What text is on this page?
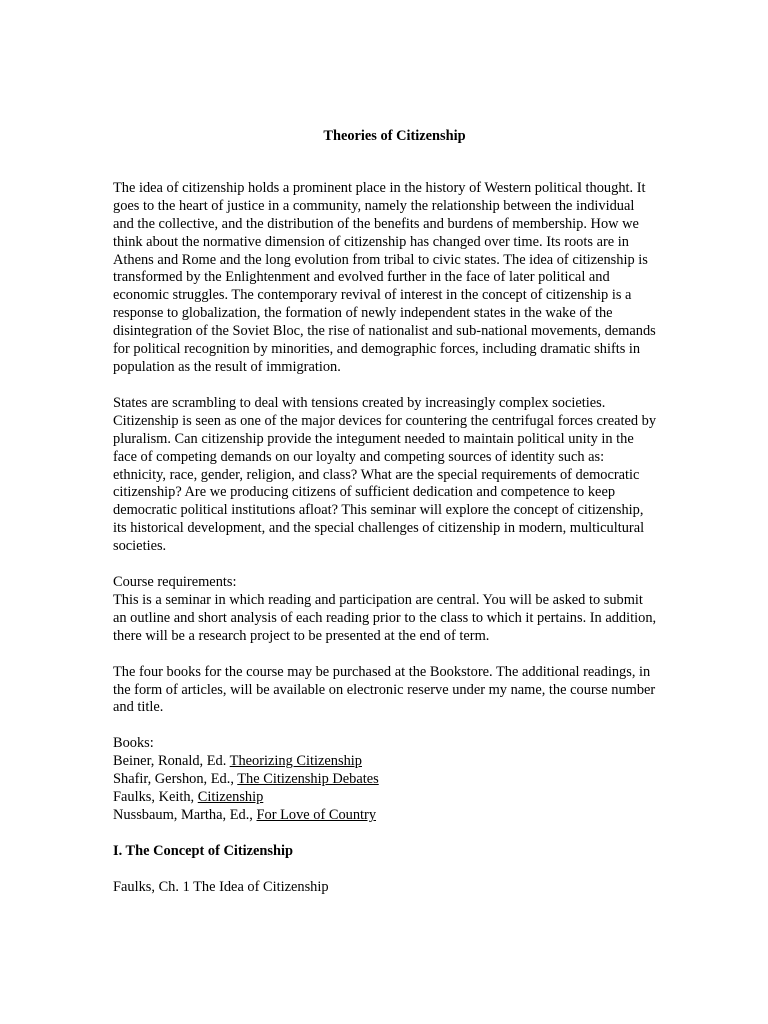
Theories of Citizenship

The idea of citizenship holds a prominent place in the history of Western political thought. It goes to the heart of justice in a community, namely the relationship between the individual and the collective, and the distribution of the benefits and burdens of membership. How we think about the normative dimension of citizenship has changed over time. Its roots are in Athens and Rome and the long evolution from tribal to civic states. The idea of citizenship is transformed by the Enlightenment and evolved further in the face of later political and economic struggles. The contemporary revival of interest in the concept of citizenship is a response to globalization, the formation of newly independent states in the wake of the disintegration of the Soviet Bloc, the rise of nationalist and sub-national movements, demands for political recognition by minorities, and demographic forces, including dramatic shifts in population as the result of immigration.

States are scrambling to deal with tensions created by increasingly complex societies. Citizenship is seen as one of the major devices for countering the centrifugal forces created by pluralism. Can citizenship provide the integument needed to maintain political unity in the face of competing demands on our loyalty and competing sources of identity such as: ethnicity, race, gender, religion, and class? What are the special requirements of democratic citizenship? Are we producing citizens of sufficient dedication and competence to keep democratic political institutions afloat? This seminar will explore the concept of citizenship, its historical development, and the special challenges of citizenship in modern, multicultural societies.

Course requirements:
This is a seminar in which reading and participation are central. You will be asked to submit an outline and short analysis of each reading prior to the class to which it pertains. In addition, there will be a research project to be presented at the end of term.

The four books for the course may be purchased at the Bookstore. The additional readings, in the form of articles, will be available on electronic reserve under my name, the course number and title.

Books:
Beiner, Ronald, Ed. Theorizing Citizenship
Shafir, Gershon, Ed., The Citizenship Debates
Faulks, Keith, Citizenship
Nussbaum, Martha, Ed., For Love of Country

I. The Concept of Citizenship

Faulks, Ch. 1 The Idea of Citizenship
